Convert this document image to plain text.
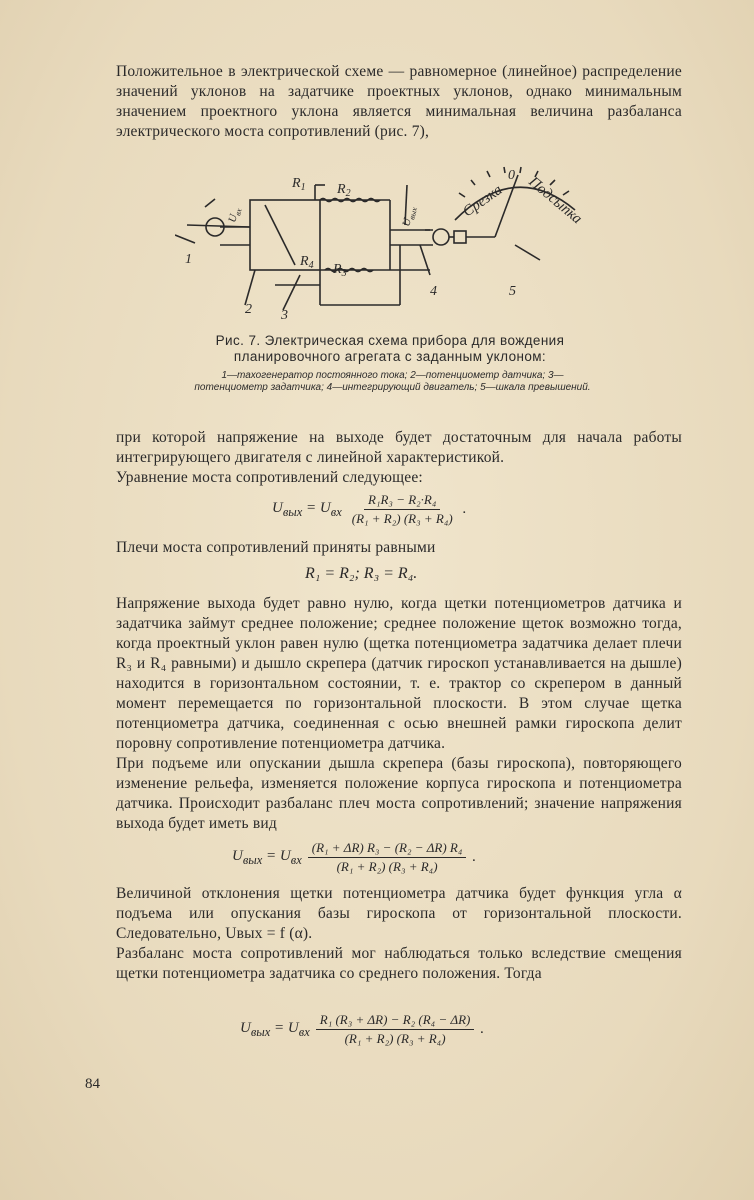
Положительное в электрической схеме — равномерное (линейное) распределение значений уклонов на задатчике проектных уклонов, однако минимальным значением проектного уклона является минимальная величина разбаланса электрического моста сопротивлений (рис. 7),

$R_1$ $R_2$
$R_4$ $R_3$
1
2 3
4	5
Срезка Подсыпка
0
$U_{вх}$
$U_{вых}$
Рис. 7. Электрическая схема прибора для вождения планировочного агрегата с заданным уклоном:
1—тахогенератор постоянного тока; 2—потенциометр датчика; 3—потенциометр задатчика; 4—интегрирующий двигатель; 5—шкала превышений.

при которой напряжение на выходе будет достаточным для начала работы интегрирующего двигателя с линейной характеристикой.

Уравнение моста сопротивлений следующее:

$U_{вых} = U_{вх} \frac{\text{R₁R₃ − R₂·R₄}}{\text{(R₁ + R₂) (R₃ + R₄)}}$ .

Плечи моста сопротивлений приняты равными

R₁ = R₂; R₃ = R₄.

Напряжение выхода будет равно нулю, когда щетки потенциометров датчика и задатчика займут среднее положение; среднее положение щеток возможно тогда, когда проектный уклон равен нулю (щетка потенциометра задатчика делает плечи R₃ и R₄ равными) и дышло скрепера (датчик гироскоп устанавливается на дышле) находится в горизонтальном состоянии, т. е. трактор со скрепером в данный момент перемещается по горизонтальной плоскости. В этом случае щетка потенциометра датчика, соединенная с осью внешней рамки гироскопа делит поровну сопротивление потенциометра датчика.

При подъеме или опускании дышла скрепера (базы гироскопа), повторяющего изменение рельефа, изменяется положение корпуса гироскопа и потенциометра датчика. Происходит разбаланс плеч моста сопротивлений; значение напряжения выхода будет иметь вид

$U_{вых} = U_{вх} \frac{\text{(R₁ + ΔR) R₃ − (R₂ − ΔR) R₄}}{\text{(R₁ + R₂) (R₃ + R₄)}}$ .

Величиной отклонения щетки потенциометра датчика будет функция угла α подъема или опускания базы гироскопа от горизонтальной плоскости. Следовательно, Uвых = f (α).

Разбаланс моста сопротивлений мог наблюдаться только вследствие смещения щетки потенциометра задатчика со среднего положения. Тогда

$U_{вых} = U_{вх} \frac{\text{R₁ (R₃ + ΔR) − R₂ (R₄ − ΔR)}}{\text{(R₁ + R₂) (R₃ + R₄)}}$ .
84
